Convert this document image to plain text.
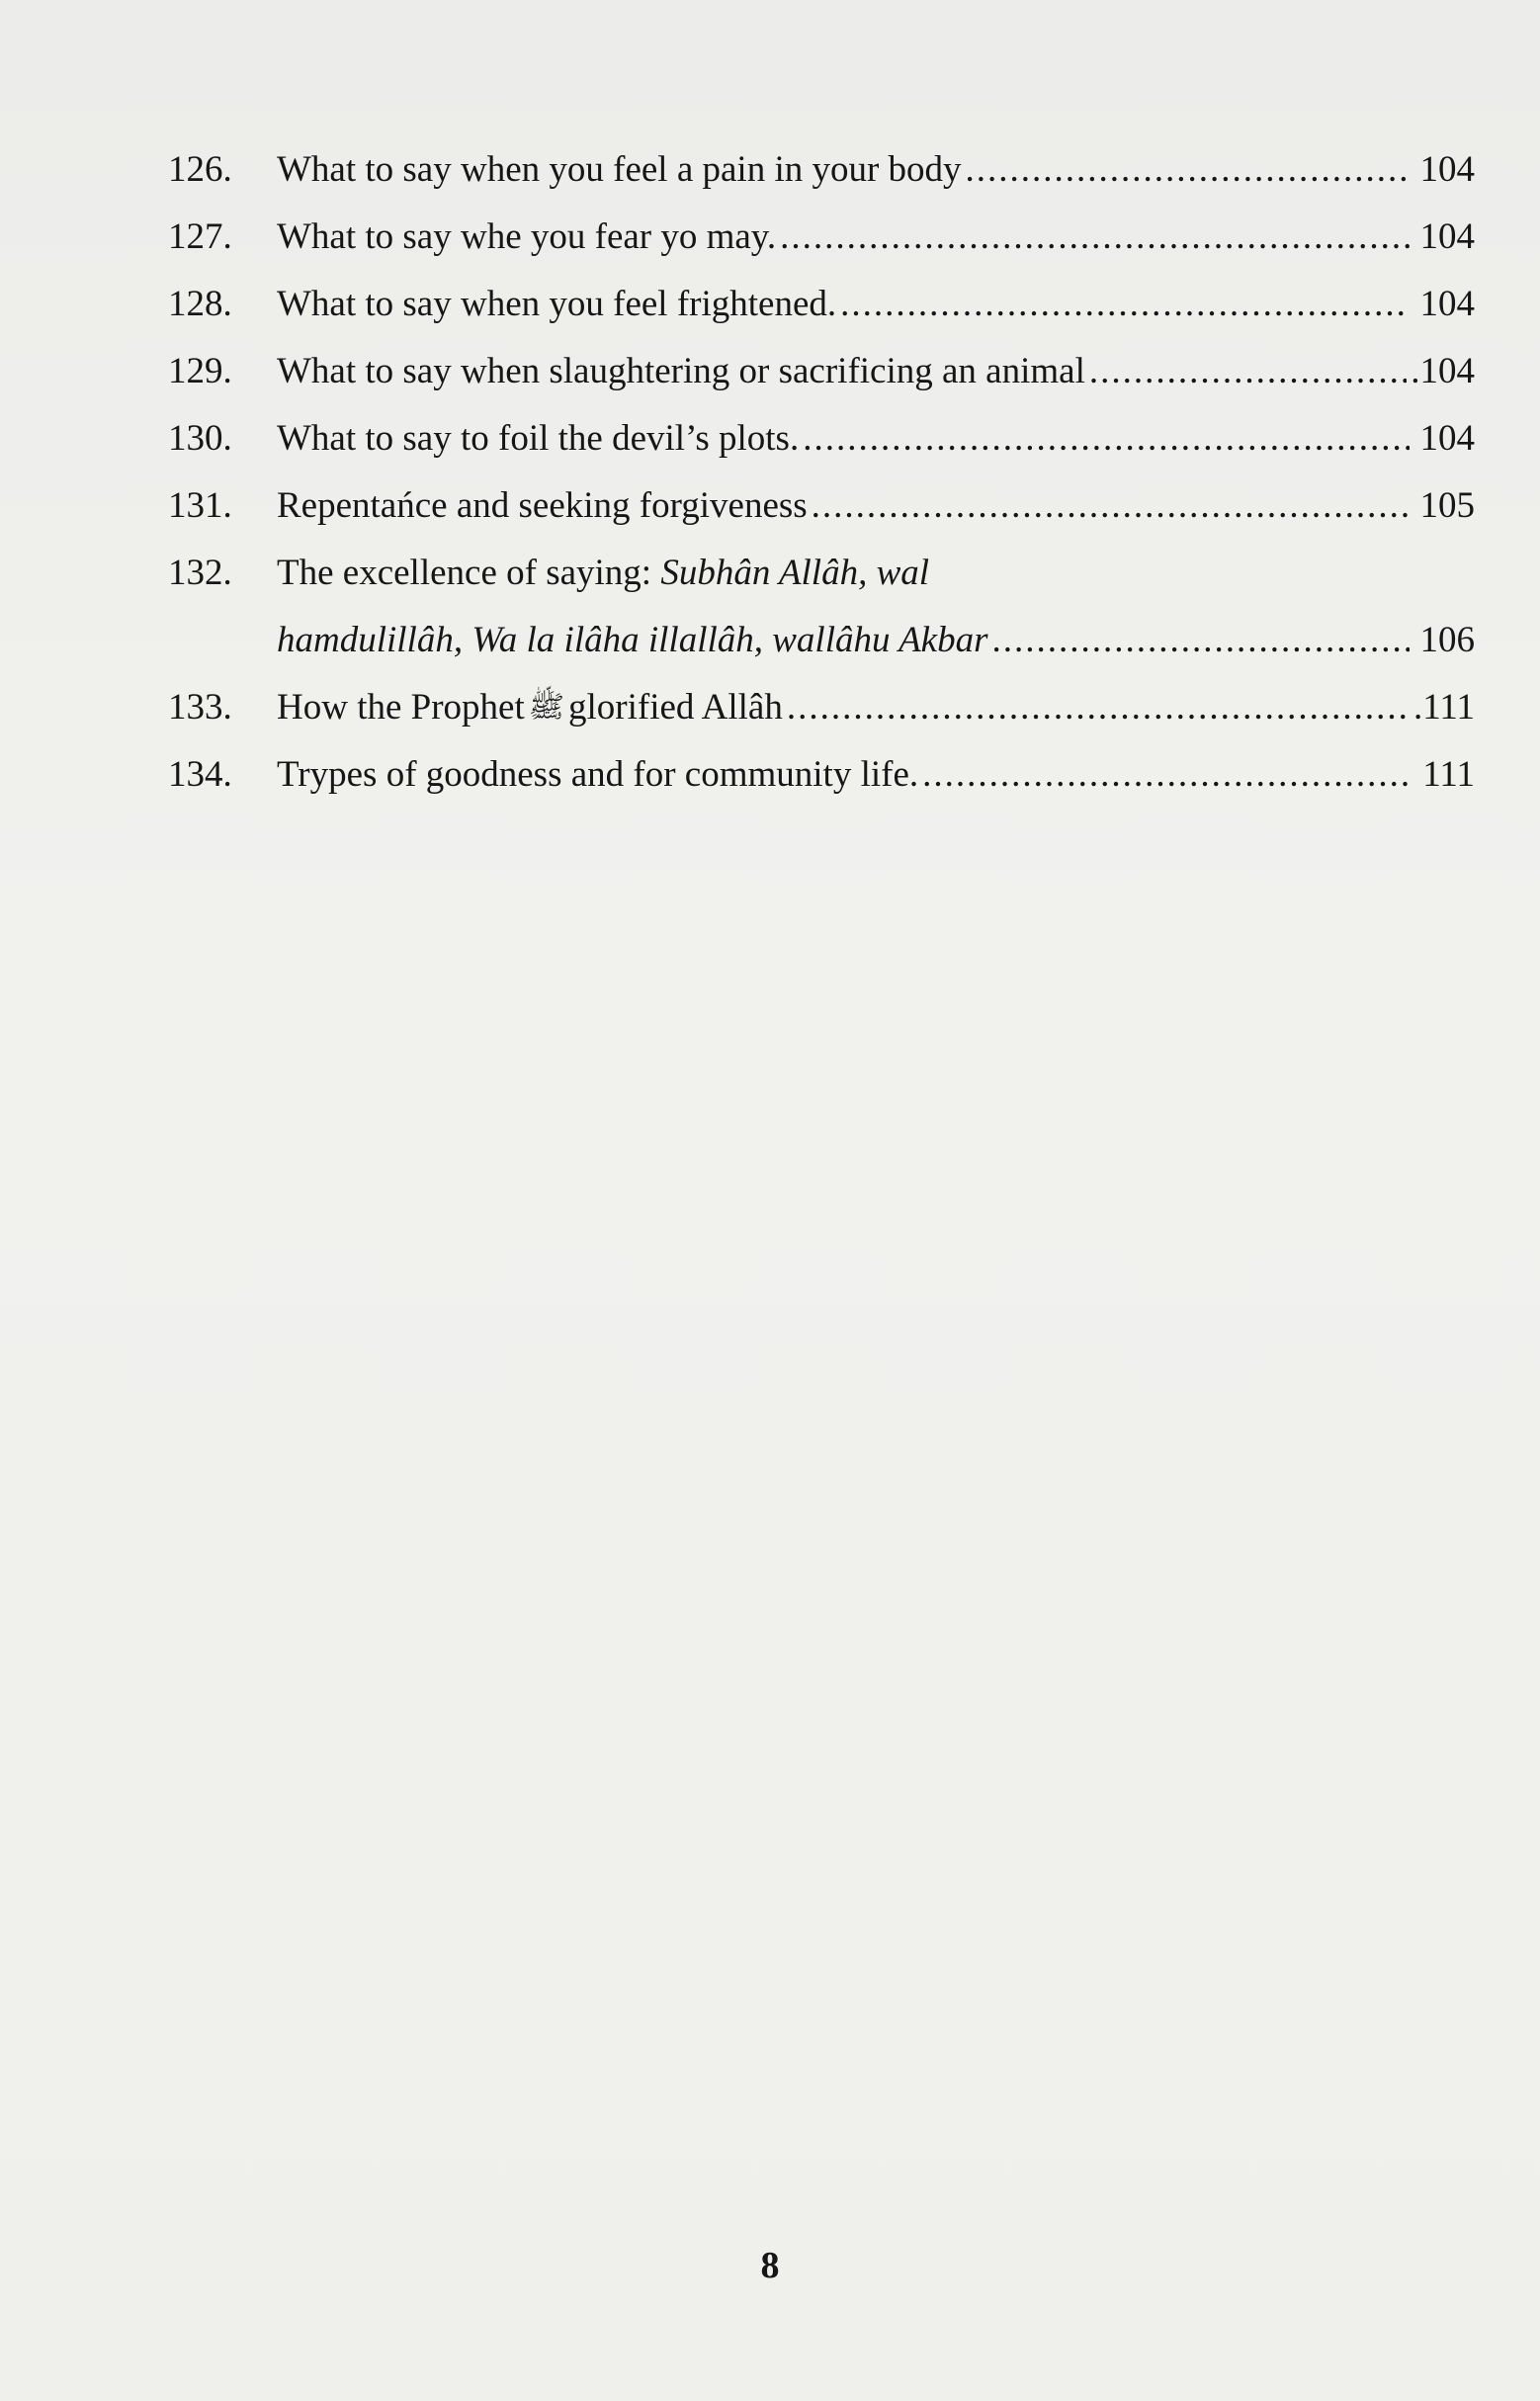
126.	What to say when you feel a pain in your body .....	104
127.	What to say whe you fear yo may. .....	104
128.	What to say when you feel frightened. .....	104
129.	What to say when slaughtering or sacrificing an animal .....	.104
130.	What to say to foil the devil’s plots. .....	104
131.	Repentańce and seeking forgiveness .....	105
132.	The excellence of saying: Subhân Allâh, wal
hamdulillâh, Wa la ilâha illallâh, wallâhu Akbar .....	106
133.	How the Prophet ﷺ glorified Allâh .....	.111
134.	Trypes of goodness and for community life. .....	111
8
